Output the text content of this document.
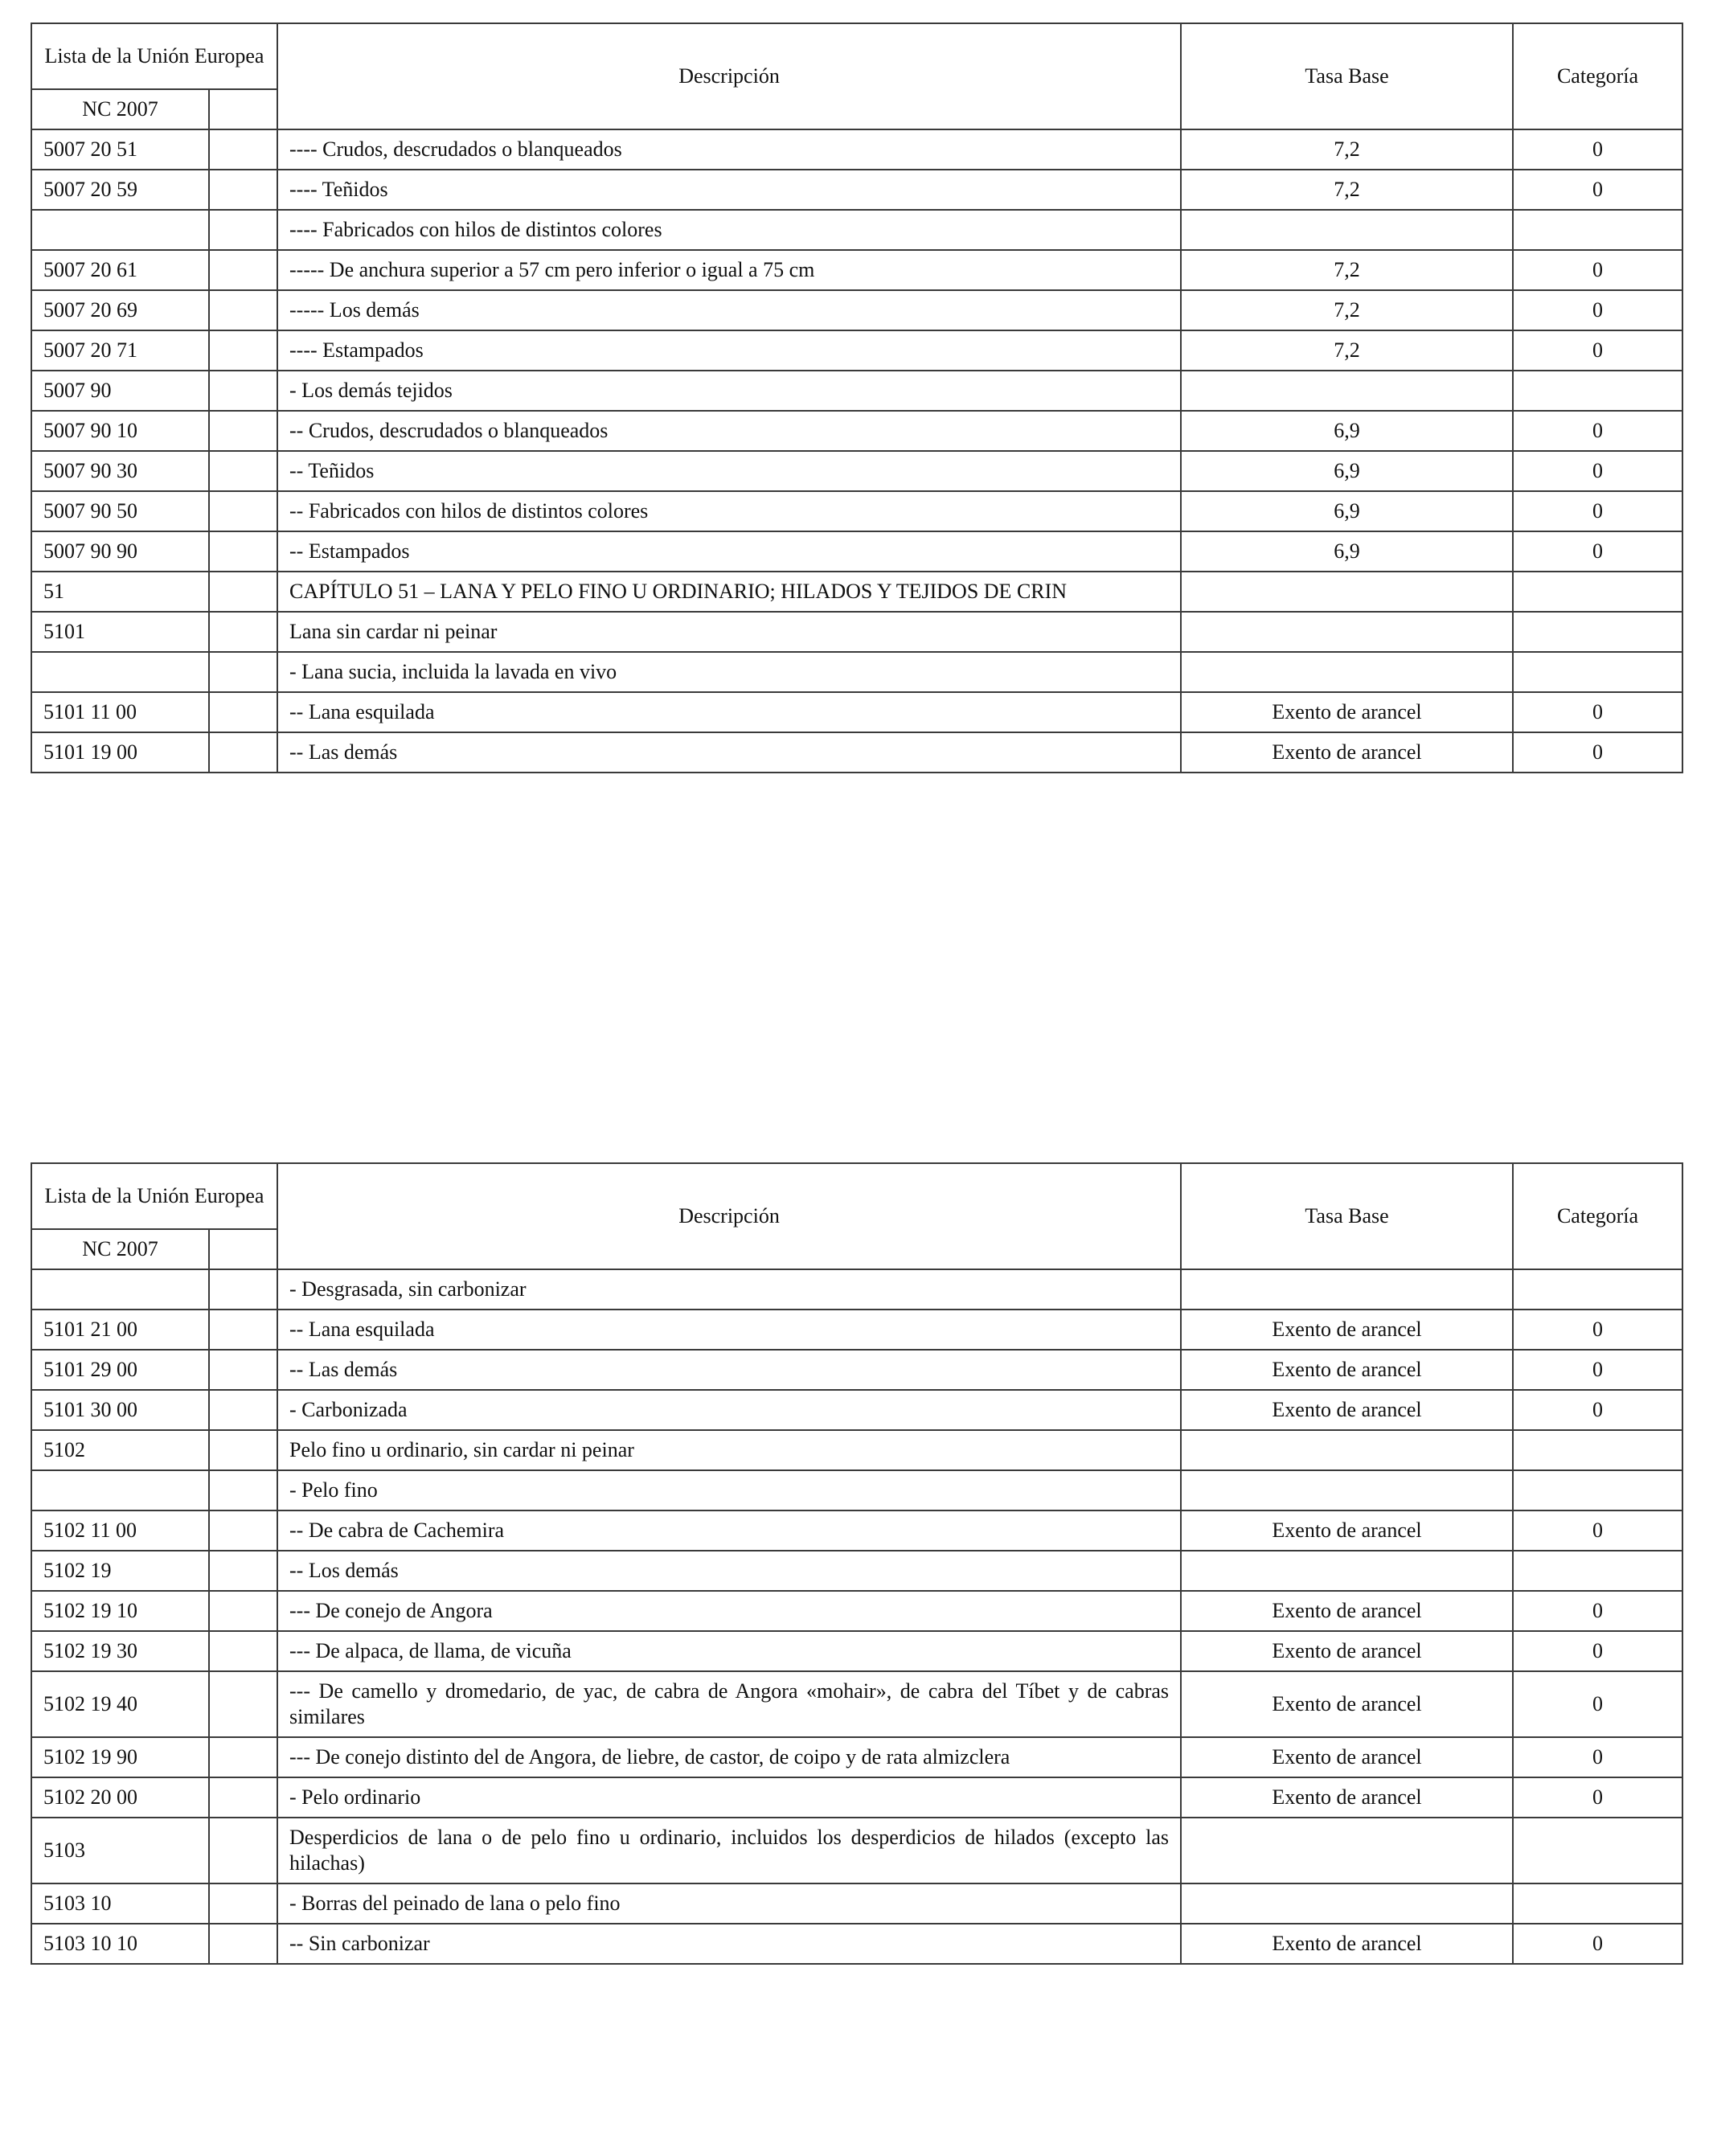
Lista de la Unión Europea		Descripción	Tasa Base	Categoría
NC 2007				
5007 20 51		---- Crudos, descrudados o blanqueados	7,2	0
5007 20 59		---- Teñidos	7,2	0
		---- Fabricados con hilos de distintos colores		
5007 20 61		----- De anchura superior a 57 cm pero inferior o igual a 75 cm	7,2	0
5007 20 69		----- Los demás	7,2	0
5007 20 71		---- Estampados	7,2	0
5007 90		- Los demás tejidos		
5007 90 10		-- Crudos, descrudados o blanqueados	6,9	0
5007 90 30		-- Teñidos	6,9	0
5007 90 50		-- Fabricados con hilos de distintos colores	6,9	0
5007 90 90		-- Estampados	6,9	0
51		CAPÍTULO 51 – LANA Y PELO FINO U ORDINARIO; HILADOS Y TEJIDOS DE CRIN		
5101		Lana sin cardar ni peinar		
		- Lana sucia, incluida la lavada en vivo		
5101 11 00		-- Lana esquilada	Exento de arancel	0
5101 19 00		-- Las demás	Exento de arancel	0
Lista de la Unión Europea		Descripción	Tasa Base	Categoría
NC 2007				
		- Desgrasada, sin carbonizar		
5101 21 00		-- Lana esquilada	Exento de arancel	0
5101 29 00		-- Las demás	Exento de arancel	0
5101 30 00		- Carbonizada	Exento de arancel	0
5102		Pelo fino u ordinario, sin cardar ni peinar		
		- Pelo fino		
5102 11 00		-- De cabra de Cachemira	Exento de arancel	0
5102 19		-- Los demás		
5102 19 10		--- De conejo de Angora	Exento de arancel	0
5102 19 30		--- De alpaca, de llama, de vicuña	Exento de arancel	0
5102 19 40		--- De camello y dromedario, de yac, de cabra de Angora «mohair», de cabra del Tíbet y de cabras similares	Exento de arancel	0
5102 19 90		--- De conejo distinto del de Angora, de liebre, de castor, de coipo y de rata almizclera	Exento de arancel	0
5102 20 00		- Pelo ordinario	Exento de arancel	0
5103		Desperdicios de lana o de pelo fino u ordinario, incluidos los desperdicios de hilados (excepto las hilachas)		
5103 10		- Borras del peinado de lana o pelo fino		
5103 10 10		-- Sin carbonizar	Exento de arancel	0
